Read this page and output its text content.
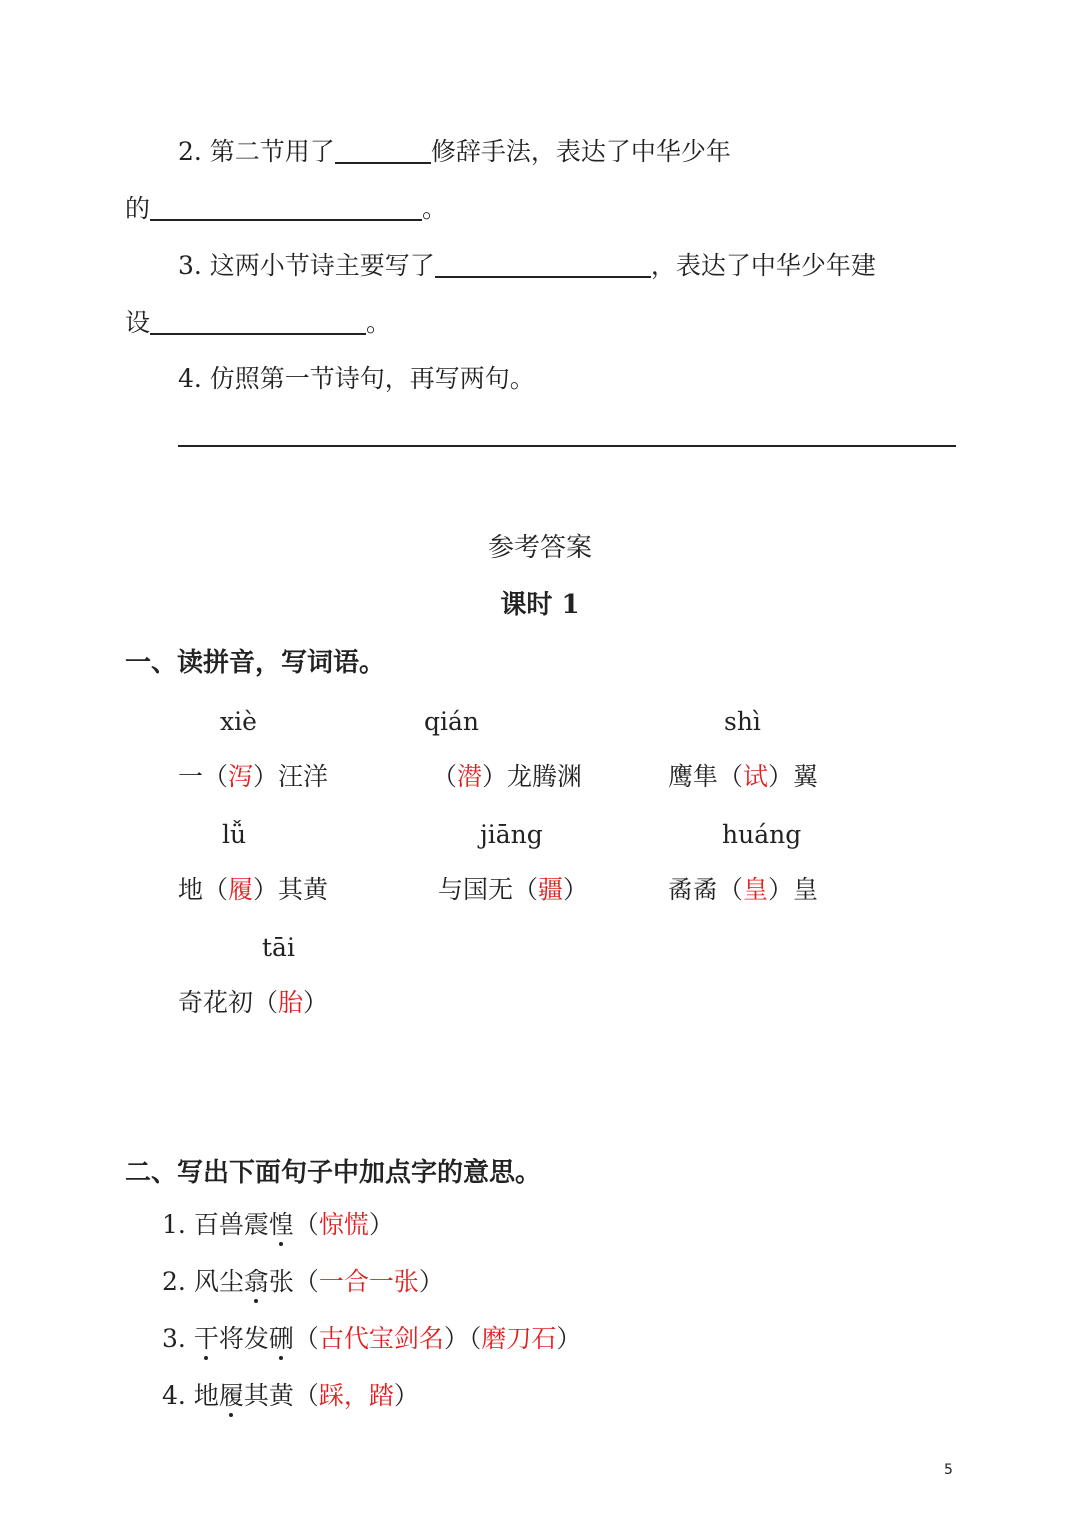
2. 第二节用了	修辞手法，表达了中华少年
的	。
3. 这两小节诗主要写了	，表达了中华少年建
设	。
4. 仿照第一节诗句，再写两句。
参考答案
课时 1
一、读拼音，写词语。
xiè	qián	shì
一（泻）汪洋	（潜）龙腾渊	鹰隼（试）翼
lǚ	jiāng	huáng
地（履）其黄	与国无（疆）	矞矞（皇）皇
tāi
奇花初（胎）
二、写出下面句子中加点字的意思。
1. 百兽震惶（惊慌）
2. 风尘翕张（一合一张）
3. 干将发硎（古代宝剑名）（磨刀石）
4. 地履其黄（踩，踏）
5
